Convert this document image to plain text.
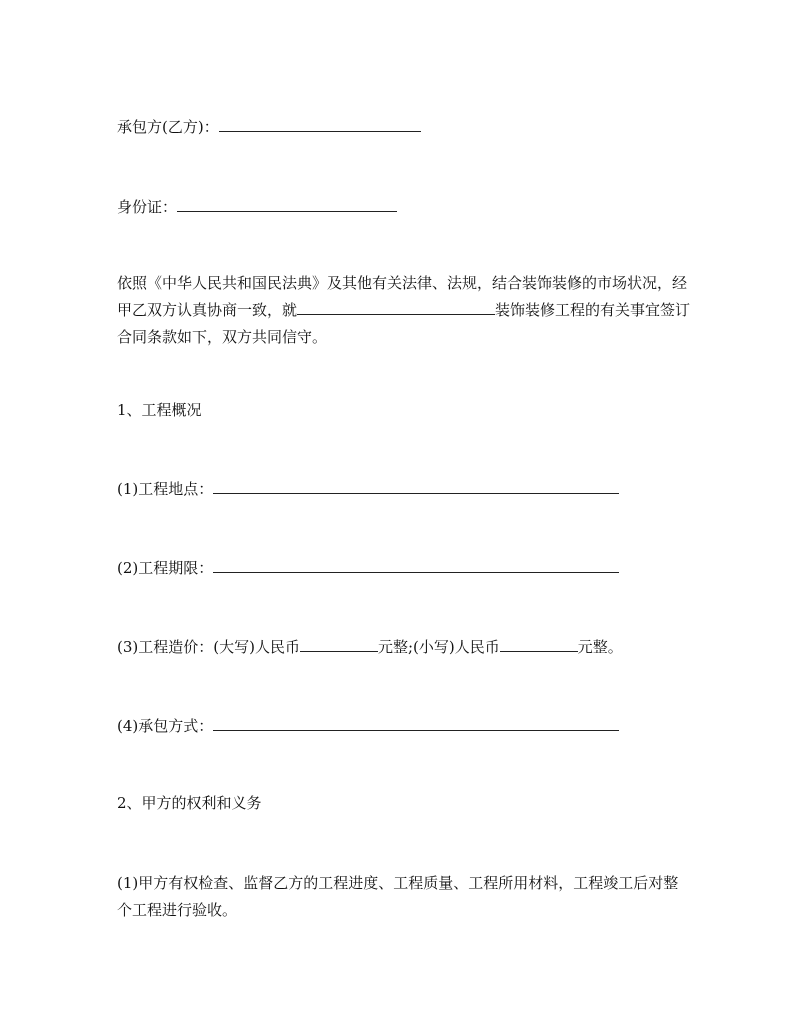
承包方(乙方)：
身份证：
依照《中华人民共和国民法典》及其他有关法律、法规，结合装饰装修的市场状况，经甲乙双方认真协商一致，就	装饰装修工程的有关事宜签订合同条款如下，双方共同信守。
1、工程概况
(1)工程地点：
(2)工程期限：
(3)工程造价：(大写)人民币	元整;(小写)人民币	元整。
(4)承包方式：
2、甲方的权利和义务
(1)甲方有权检查、监督乙方的工程进度、工程质量、工程所用材料，工程竣工后对整个工程进行验收。
